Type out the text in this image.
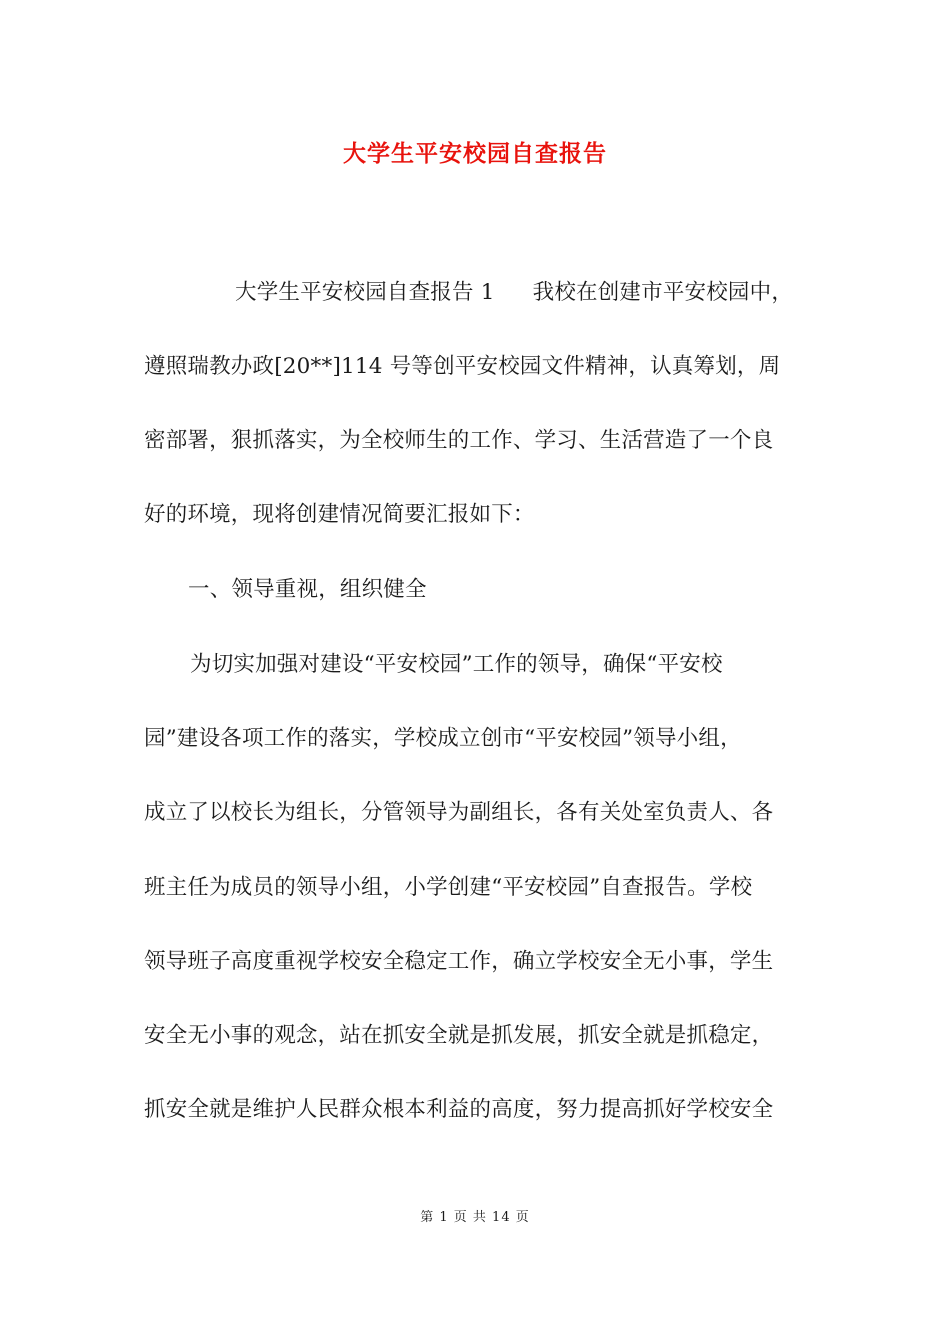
大学生平安校园自查报告
大学生平安校园自查报告 1 我校在创建市平安校园中，
遵照瑞教办政[20**]114 号等创平安校园文件精神，认真筹划，周
密部署，狠抓落实，为全校师生的工作、学习、生活营造了一个良
好的环境，现将创建情况简要汇报如下：
一、领导重视，组织健全
为切实加强对建设“平安校园”工作的领导，确保“平安校
园”建设各项工作的落实，学校成立创市“平安校园”领导小组，
成立了以校长为组长，分管领导为副组长，各有关处室负责人、各
班主任为成员的领导小组，小学创建“平安校园”自查报告。学校
领导班子高度重视学校安全稳定工作，确立学校安全无小事，学生
安全无小事的观念，站在抓安全就是抓发展，抓安全就是抓稳定，
抓安全就是维护人民群众根本利益的高度，努力提高抓好学校安全
第 1 页 共 14 页
